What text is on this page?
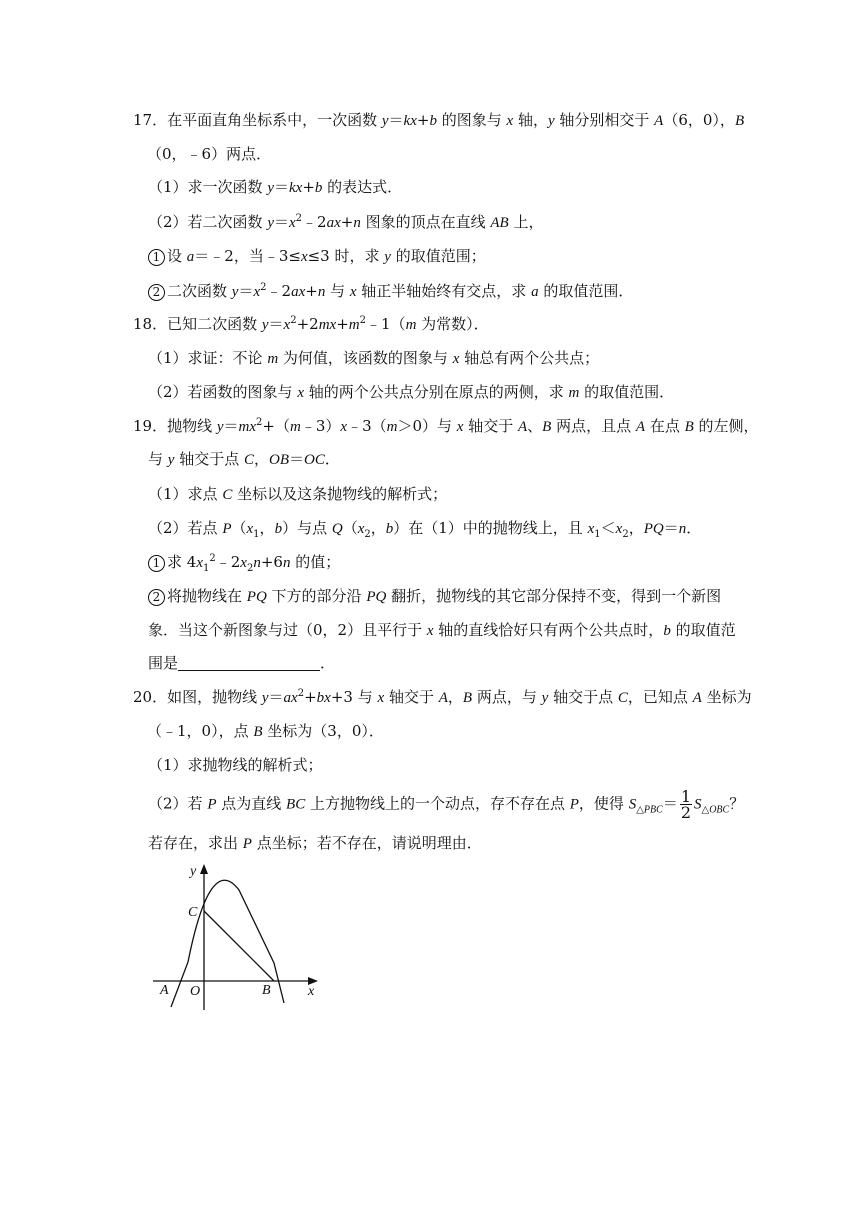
17．在平面直角坐标系中，一次函数 y＝kx+b 的图象与 x 轴，y 轴分别相交于 A（6，0），B
（0，﹣6）两点．
（1）求一次函数 y＝kx+b 的表达式．
（2）若二次函数 $y=x^2﹣2ax+n$ 图象的顶点在直线 AB 上，
1 设 a＝﹣2，当﹣3≤x≤3 时，求 y 的取值范围；
2 二次函数 $y=x^2﹣2ax+n$ 与 x 轴正半轴始终有交点，求 a 的取值范围．
18．已知二次函数 $y=x^2+2mx+m^2﹣1(m$ 为常数）．
（1）求证：不论 m 为何值，该函数的图象与 x 轴总有两个公共点；
（2）若函数的图象与 x 轴的两个公共点分别在原点的两侧，求 m 的取值范围．
19．抛物线 $y=mx^2+(m﹣3)x﹣3(m>0)$与 x 轴交于 A、B 两点，且点 A 在点 B 的左侧，
与 y 轴交于点 C，OB＝OC．
（1）求点 C 坐标以及这条抛物线的解析式；
（2）若点 $P(x_1$，b）与点 $Q(x_2$，b）在（1）中的抛物线上，且 $x_1<x_2$，PQ＝n．
1 求 $4x_1^2﹣2x_2n+6n$ 的值；
2 将抛物线在 PQ 下方的部分沿 PQ 翻折，抛物线的其它部分保持不变，得到一个新图
象．当这个新图象与过（0，2）且平行于 x 轴的直线恰好只有两个公共点时，b 的取值范
围是	．
20．如图，抛物线 $y=ax^2+bx+3$ 与 x 轴交于 A，B 两点，与 y 轴交于点 C，已知点 A 坐标为
（﹣1，0），点 B 坐标为（3，0）．
（1）求抛物线的解析式；
（2）若 P 点为直线 BC 上方抛物线上的一个动点，存不存在点 P，使得 $S_{\triangle PBC}= \frac{1}{2} S_{\triangle OBC}$？
若存在，求出 P 点坐标；若不存在，请说明理由．
y
C
A O	B	x
